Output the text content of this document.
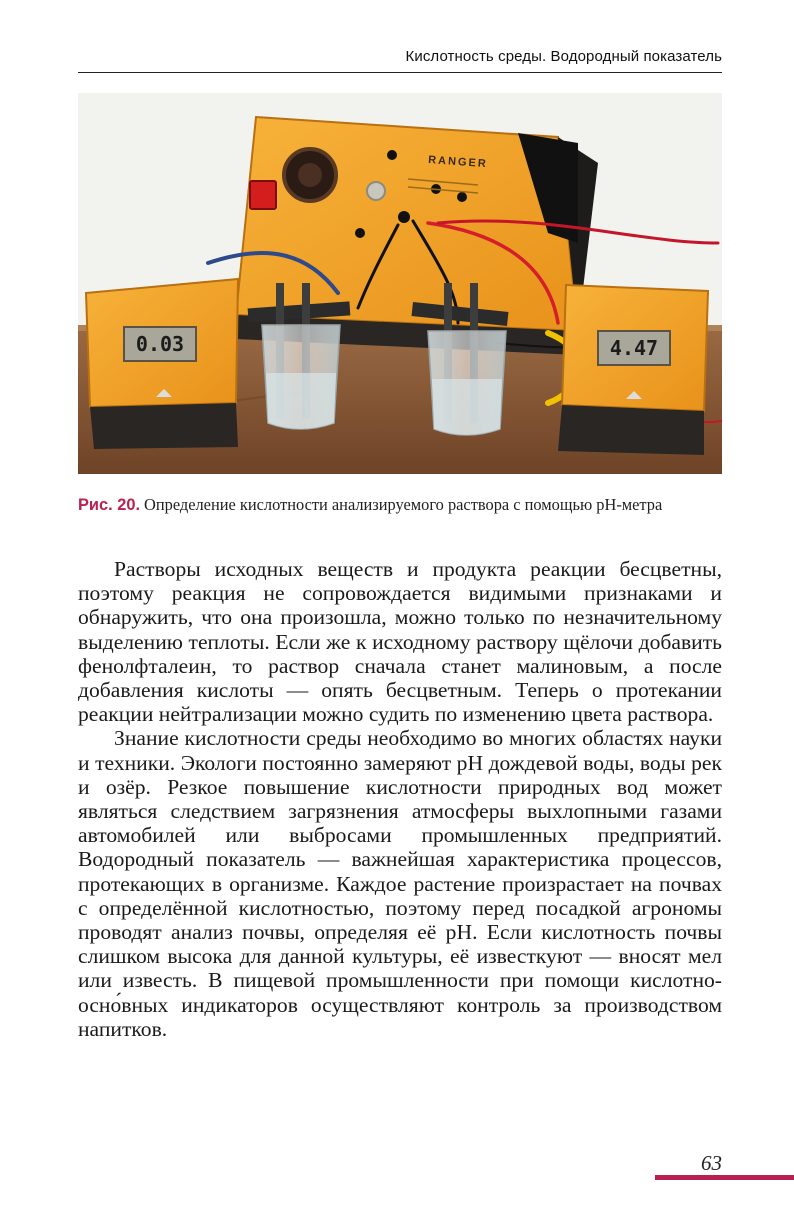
Кислотность среды. Водородный показатель
RANGER
0.03	4.47
Рис. 20. Определение кислотности анализируемого раствора с помощью рН-метра

Растворы исходных веществ и продукта реакции бесцветны, поэтому реакция не сопровождается видимыми признаками и обнаружить, что она произошла, можно только по незначительному выделению теплоты. Если же к исходному раствору щёлочи добавить фенолфталеин, то раствор сначала станет малиновым, а после добавления кислоты — опять бесцветным. Теперь о протекании реакции нейтрализации можно судить по изменению цвета раствора.

Знание кислотности среды необходимо во многих областях науки и техники. Экологи постоянно замеряют pH дождевой воды, воды рек и озёр. Резкое повышение кислотности природных вод может являться следствием загрязнения атмосферы выхлопными газами автомобилей или выбросами промышленных предприятий. Водородный показатель — важнейшая характеристика процессов, протекающих в организме. Каждое растение произрастает на почвах с определённой кислотностью, поэтому перед посадкой агрономы проводят анализ почвы, определяя её pH. Если кислотность почвы слишком высока для данной культуры, её известкуют — вносят мел или известь. В пищевой промышленности при помощи кислотно-осно́вных индикаторов осуществляют контроль за производством напитков.

63
